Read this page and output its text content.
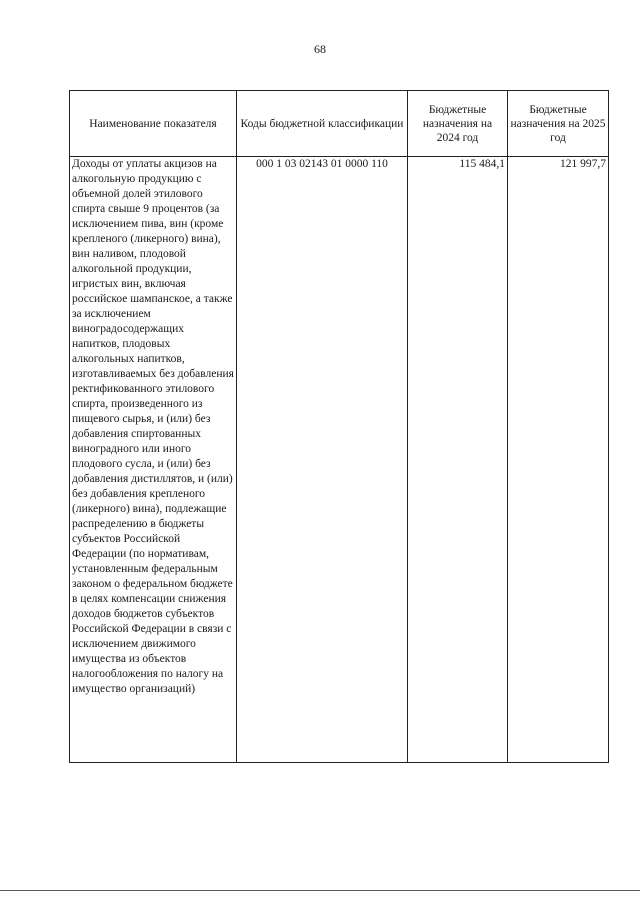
68
Наименование показателя	Коды бюджетной классификации	Бюджетные назначения на 2024 год	Бюджетные назначения на 2025 год
Доходы от уплаты акцизов на алкогольную продукцию с объемной долей этилового спирта свыше 9 процентов (за исключением пива, вин (кроме крепленого (ликерного) вина), вин наливом, плодовой алкогольной продукции, игристых вин, включая российское шампанское, а также за исключением виноградосодержащих напитков, плодовых алкогольных напитков, изготавливаемых без добавления ректификованного этилового спирта, произведенного из пищевого сырья, и (или) без добавления спиртованных виноградного или иного плодового сусла, и (или) без добавления дистиллятов, и (или) без добавления крепленого (ликерного) вина), подлежащие распределению в бюджеты субъектов Российской Федерации (по нормативам, установленным федеральным законом о федеральном бюджете в целях компенсации снижения доходов бюджетов субъектов Российской Федерации в связи с исключением движимого имущества из объектов налогообложения по налогу на имущество организаций)	000 1 03 02143 01 0000 110	115 484,1	121 997,7
